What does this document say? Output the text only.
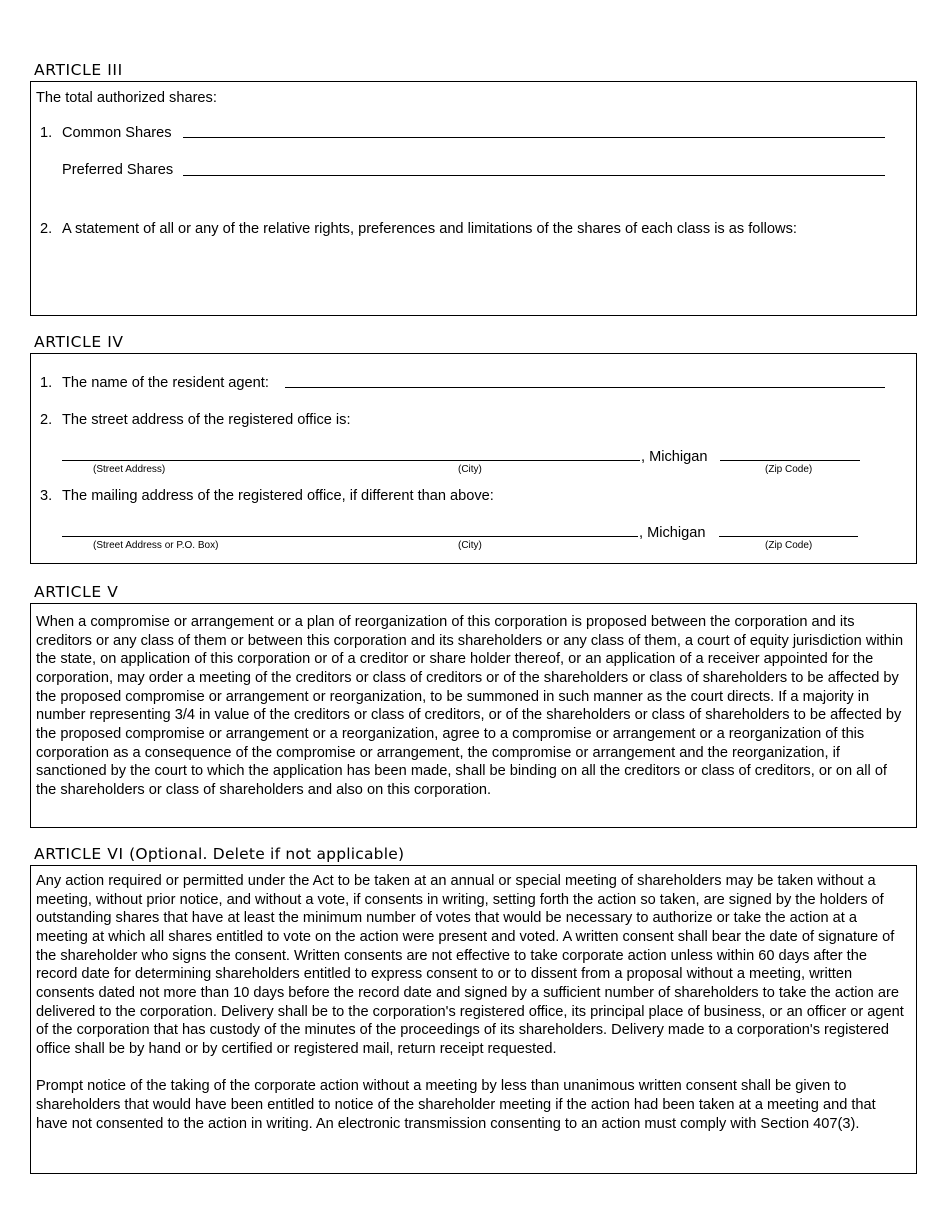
ARTICLE III
The total authorized shares:
1. Common Shares
Preferred Shares
2. A statement of all or any of the relative rights, preferences and limitations of the shares of each class is as follows:
ARTICLE IV
1. The name of the resident agent:
2. The street address of the registered office is:
, Michigan
(Street Address)	(City)	(Zip Code)
3. The mailing address of the registered office, if different than above:
, Michigan
(Street Address or P.O. Box)	(City)	(Zip Code)
ARTICLE V

When a compromise or arrangement or a plan of reorganization of this corporation is proposed between the corporation and its creditors or any class of them or between this corporation and its shareholders or any class of them, a court of equity jurisdiction within the state, on application of this corporation or of a creditor or share holder thereof, or an application of a receiver appointed for the corporation, may order a meeting of the creditors or class of creditors or of the shareholders or class of shareholders to be affected by the proposed compromise or arrangement or reorganization, to be summoned in such manner as the court directs. If a majority in number representing 3/4 in value of the creditors or class of creditors, or of the shareholders or class of shareholders to be affected by the proposed compromise or arrangement or a reorganization, agree to a compromise or arrangement or a reorganization of this corporation as a consequence of the compromise or arrangement, the compromise or arrangement and the reorganization, if sanctioned by the court to which the application has been made, shall be binding on all the creditors or class of creditors, or on all of the shareholders or class of shareholders and also on this corporation.

ARTICLE VI (Optional. Delete if not applicable)

Any action required or permitted under the Act to be taken at an annual or special meeting of shareholders may be taken without a meeting, without prior notice, and without a vote, if consents in writing, setting forth the action so taken, are signed by the holders of outstanding shares that have at least the minimum number of votes that would be necessary to authorize or take the action at a meeting at which all shares entitled to vote on the action were present and voted. A written consent shall bear the date of signature of the shareholder who signs the consent. Written consents are not effective to take corporate action unless within 60 days after the record date for determining shareholders entitled to express consent to or to dissent from a proposal without a meeting, written consents dated not more than 10 days before the record date and signed by a sufficient number of shareholders to take the action are delivered to the corporation. Delivery shall be to the corporation's registered office, its principal place of business, or an officer or agent of the corporation that has custody of the minutes of the proceedings of its shareholders. Delivery made to a corporation's registered office shall be by hand or by certified or registered mail, return receipt requested.

Prompt notice of the taking of the corporate action without a meeting by less than unanimous written consent shall be given to shareholders that would have been entitled to notice of the shareholder meeting if the action had been taken at a meeting and that have not consented to the action in writing. An electronic transmission consenting to an action must comply with Section 407(3).
